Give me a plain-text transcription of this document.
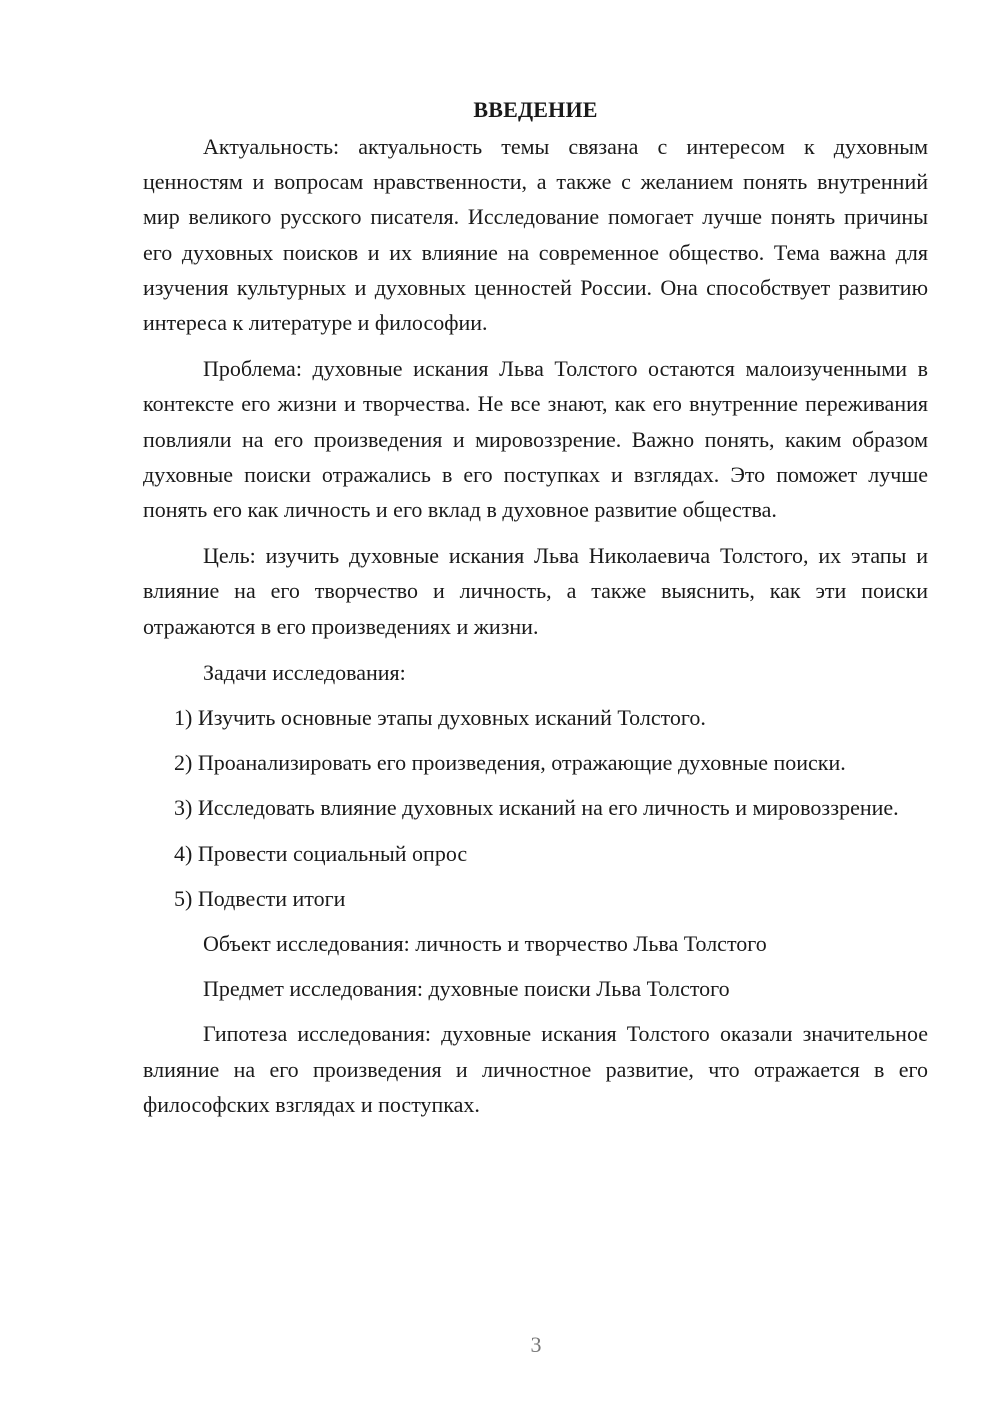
ВВЕДЕНИЕ

Актуальность: актуальность темы связана с интересом к духовным ценностям и вопросам нравственности, а также с желанием понять внутренний мир великого русского писателя. Исследование помогает лучше понять причины его духовных поисков и их влияние на современное общество. Тема важна для изучения культурных и духовных ценностей России. Она способствует развитию интереса к литературе и философии.

Проблема: духовные искания Льва Толстого остаются малоизученными в контексте его жизни и творчества. Не все знают, как его внутренние переживания повлияли на его произведения и мировоззрение. Важно понять, каким образом духовные поиски отражались в его поступках и взглядах. Это поможет лучше понять его как личность и его вклад в духовное развитие общества.

Цель: изучить духовные искания Льва Николаевича Толстого, их этапы и влияние на его творчество и личность, а также выяснить, как эти поиски отражаются в его произведениях и жизни.

Задачи исследования:

1) Изучить основные этапы духовных исканий Толстого.

2) Проанализировать его произведения, отражающие духовные поиски.

3) Исследовать влияние духовных исканий на его личность и мировоззрение.

4) Провести социальный опрос

5) Подвести итоги

Объект исследования: личность и творчество Льва Толстого

Предмет исследования: духовные поиски Льва Толстого

Гипотеза исследования: духовные искания Толстого оказали значительное влияние на его произведения и личностное развитие, что отражается в его философских взглядах и поступках.

3
